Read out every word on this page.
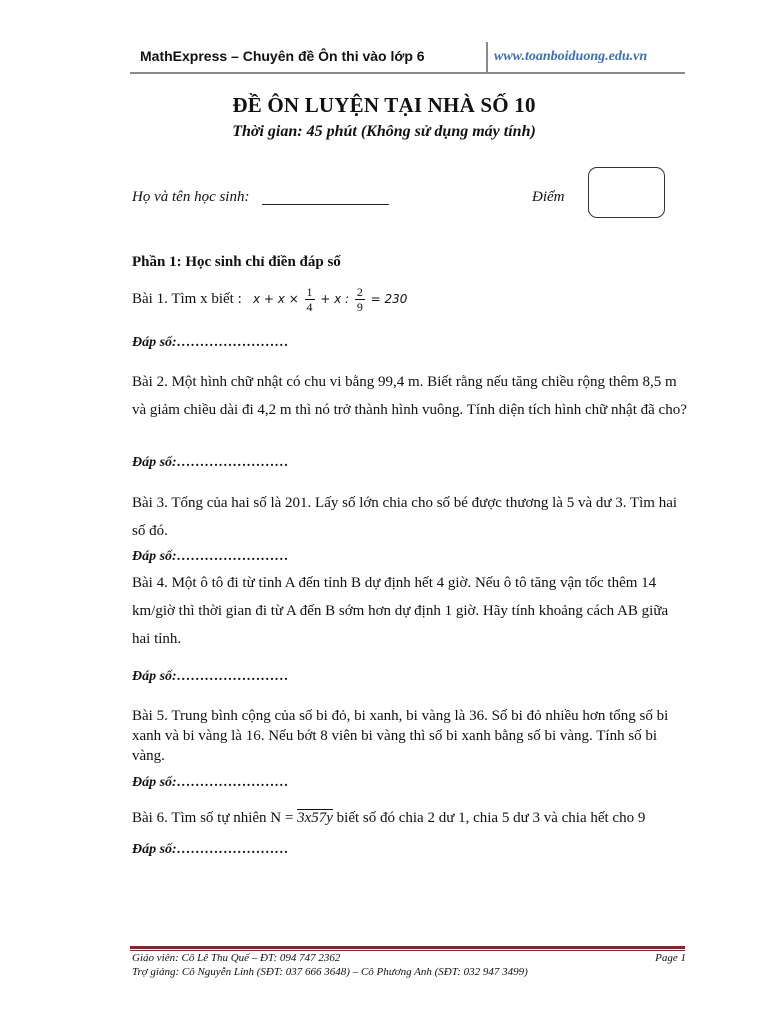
MathExpress – Chuyên đề Ôn thi vào lớp 6	www.toanboiduong.edu.vn
ĐỀ ÔN LUYỆN TẠI NHÀ SỐ 10
Thời gian: 45 phút (Không sử dụng máy tính)
Họ và tên học sinh:	Điểm
Phần 1: Học sinh chỉ điền đáp số
Bài 1. Tìm x biết : $x + x \times \frac{1}{4} + x$ : $\frac{2}{9} = 230$
Đáp số:……………………
Bài 2. Một hình chữ nhật có chu vi bằng 99,4 m. Biết rằng nếu tăng chiều rộng thêm 8,5 m và giảm chiều dài đi 4,2 m thì nó trở thành hình vuông. Tính diện tích hình chữ nhật đã cho?
Đáp số:……………………
Bài 3. Tổng của hai số là 201. Lấy số lớn chia cho số bé được thương là 5 và dư 3. Tìm hai số đó.
Đáp số:……………………
Bài 4. Một ô tô đi từ tỉnh A đến tỉnh B dự định hết 4 giờ. Nếu ô tô tăng vận tốc thêm 14 km/giờ thì thời gian đi từ A đến B sớm hơn dự định 1 giờ. Hãy tính khoảng cách AB giữa hai tỉnh.
Đáp số:……………………
Bài 5. Trung bình cộng của số bi đỏ, bi xanh, bi vàng là 36. Số bi đỏ nhiều hơn tổng số bi xanh và bi vàng là 16. Nếu bớt 8 viên bi vàng thì số bi xanh bằng số bi vàng. Tính số bi vàng.
Đáp số:……………………
Bài 6. Tìm số tự nhiên N = 3x57y biết số đó chia 2 dư 1, chia 5 dư 3 và chia hết cho 9
Đáp số:……………………
Giáo viên: Cô Lê Thu Quế – ĐT: 094 747 2362
Trợ giảng: Cô Nguyễn Linh (SĐT: 037 666 3648) – Cô Phương Anh (SĐT: 032 947 3499)
Page 1
